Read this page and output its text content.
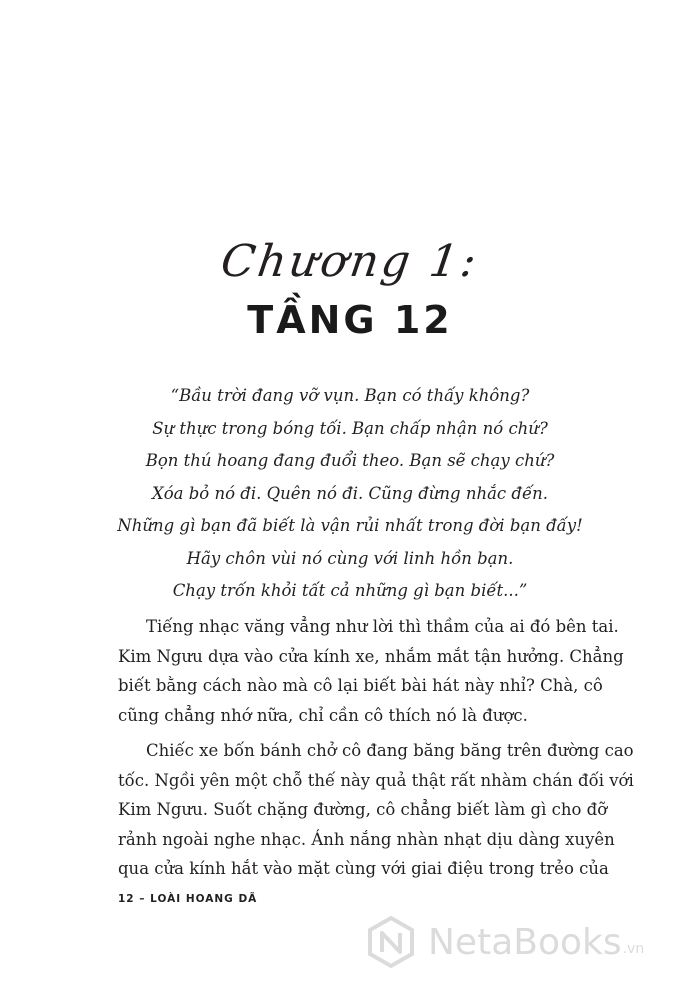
Chương 1:
TẦNG 12
“Bầu trời đang vỡ vụn. Bạn có thấy không?
Sự thực trong bóng tối. Bạn chấp nhận nó chứ?
Bọn thú hoang đang đuổi theo. Bạn sẽ chạy chứ?
Xóa bỏ nó đi. Quên nó đi. Cũng đừng nhắc đến.
Những gì bạn đã biết là vận rủi nhất trong đời bạn đấy!
Hãy chôn vùi nó cùng với linh hồn bạn.
Chạy trốn khỏi tất cả những gì bạn biết...”
Tiếng nhạc văng vẳng như lời thì thầm của ai đó bên tai.
Kim Ngưu dựa vào cửa kính xe, nhắm mắt tận hưởng. Chẳng
biết bằng cách nào mà cô lại biết bài hát này nhỉ? Chà, cô
cũng chẳng nhớ nữa, chỉ cần cô thích nó là được.
Chiếc xe bốn bánh chở cô đang băng băng trên đường cao
tốc. Ngồi yên một chỗ thế này quả thật rất nhàm chán đối với
Kim Ngưu. Suốt chặng đường, cô chẳng biết làm gì cho đỡ
rảnh ngoài nghe nhạc. Ánh nắng nhàn nhạt dịu dàng xuyên
qua cửa kính hắt vào mặt cùng với giai điệu trong trẻo của
12 – LOÀI HOANG DÃ
NetaBooks .vn
